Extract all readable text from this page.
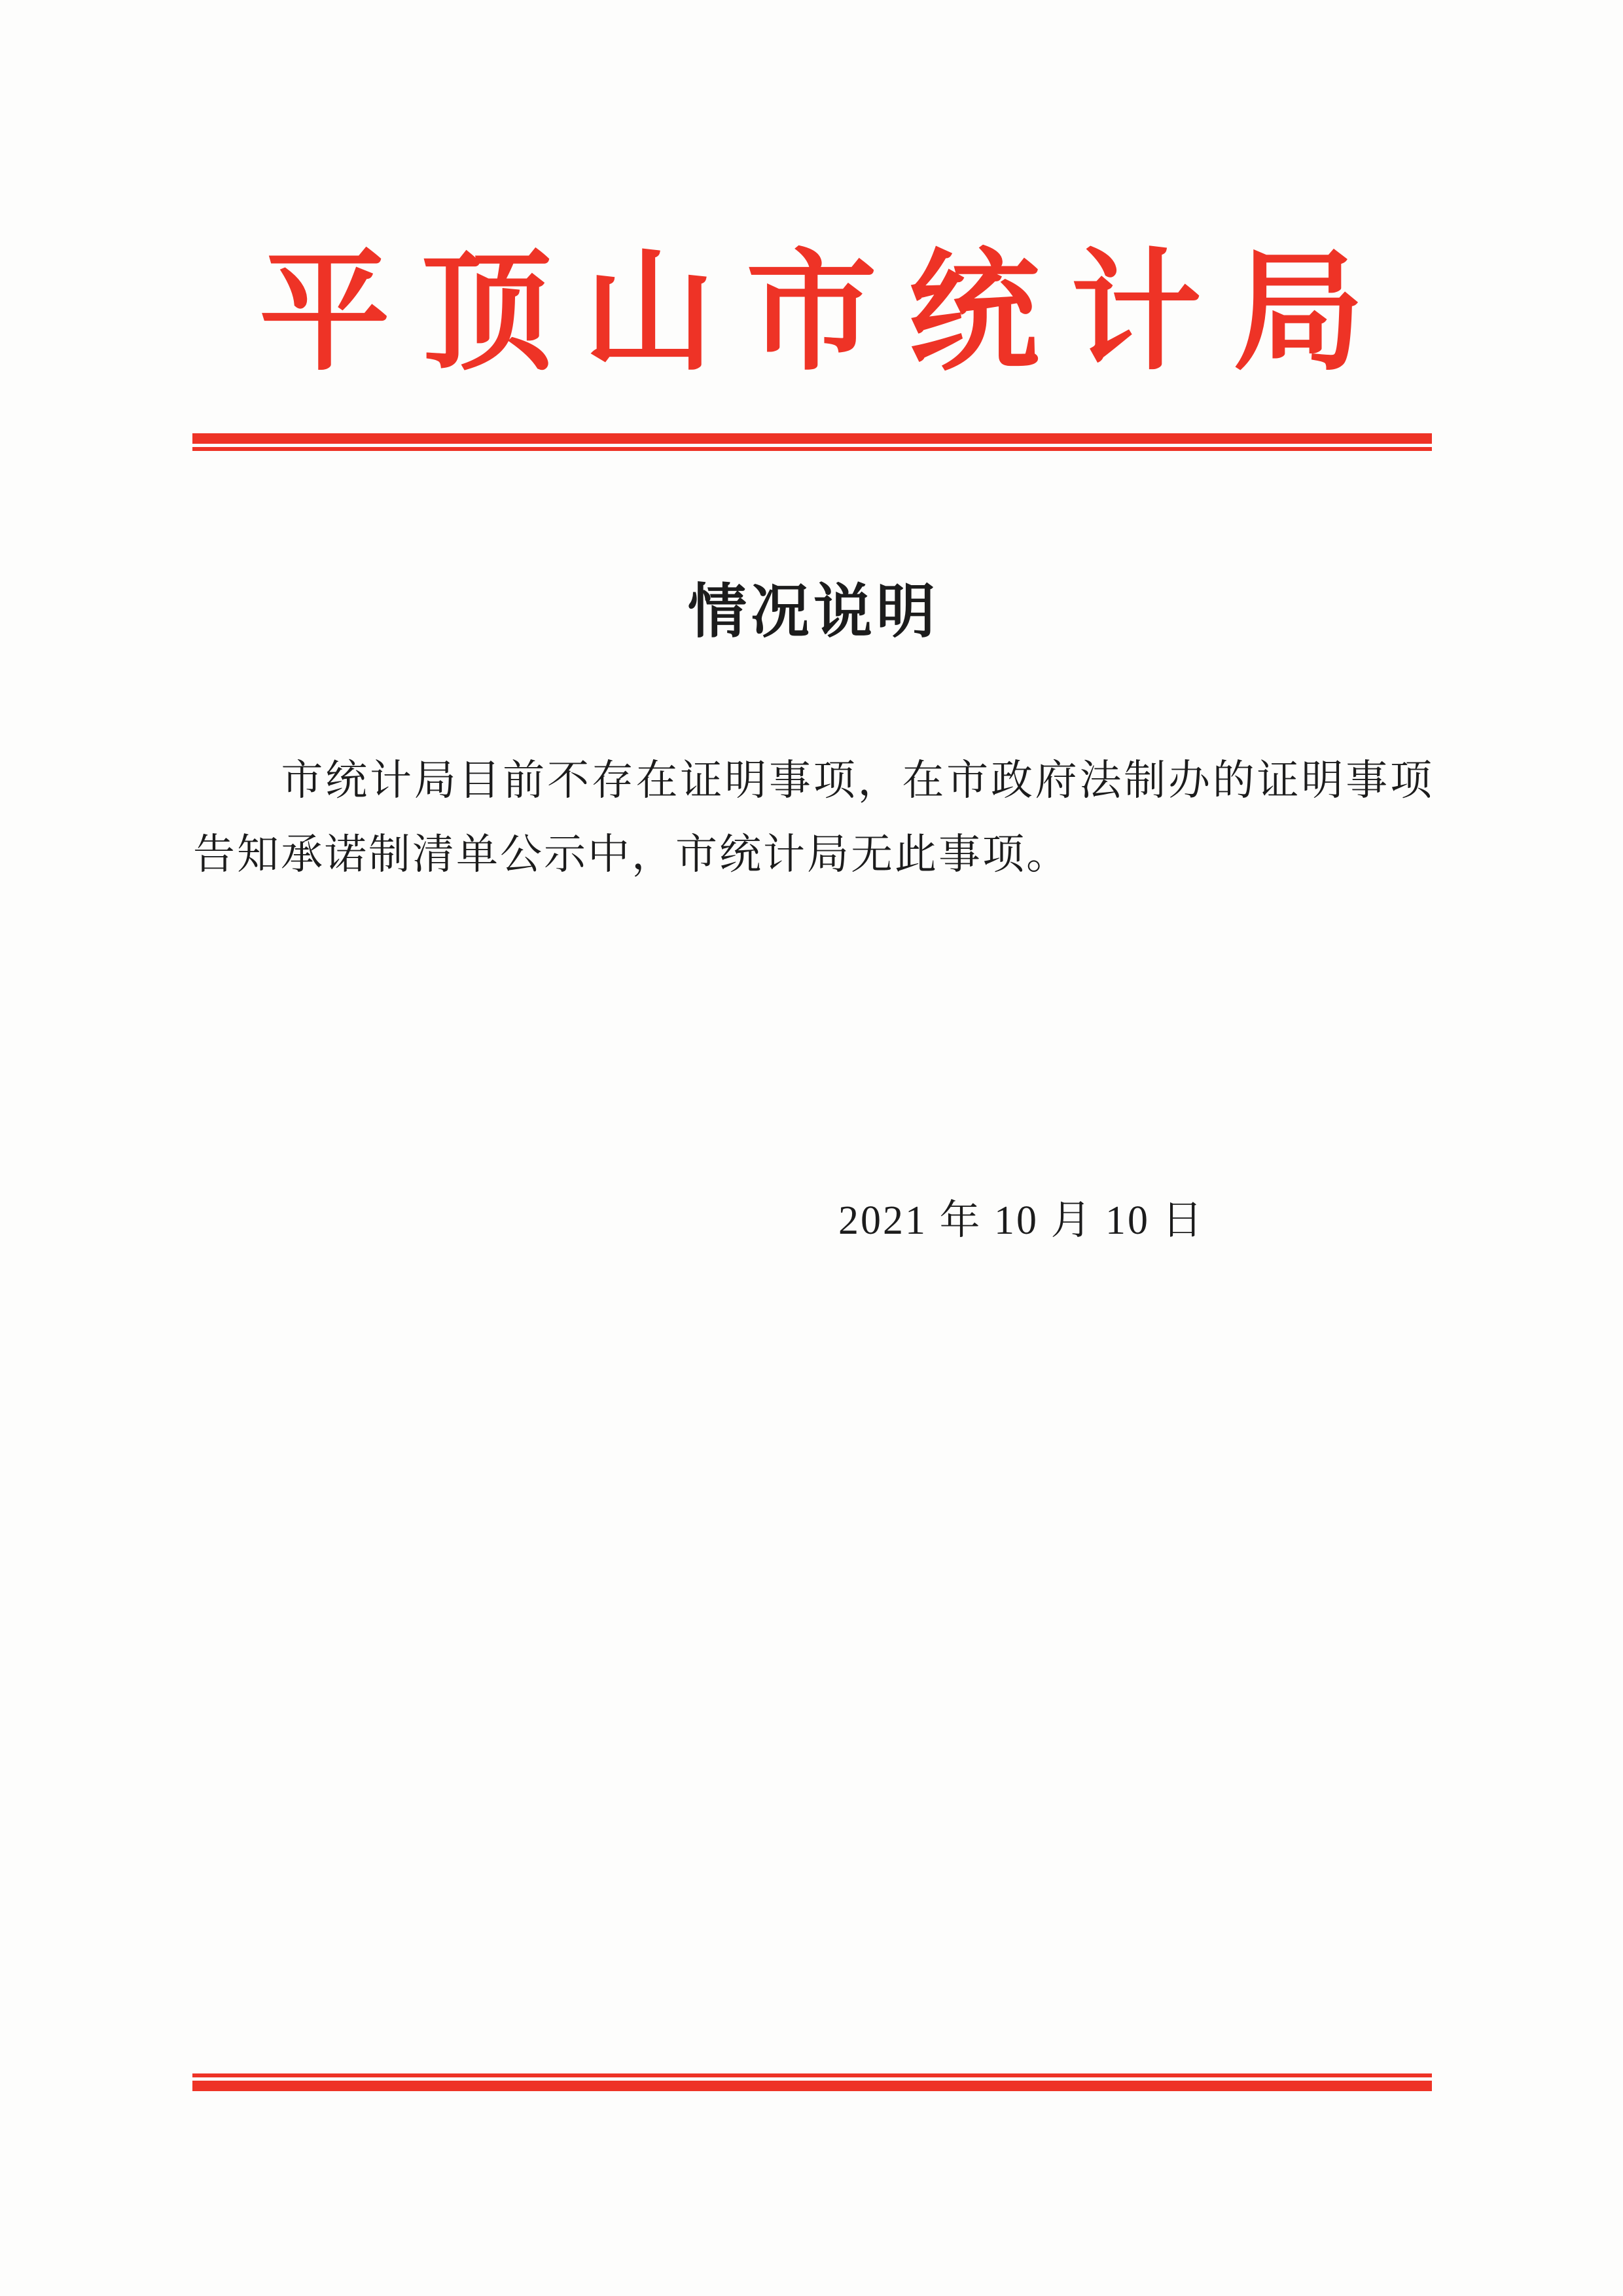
平顶山市统计局
情况说明

市统计局目前不存在证明事项，在市政府法制办的证明事项告知承诺制清单公示中，市统计局无此事项。

2021 年 10 月 10 日
